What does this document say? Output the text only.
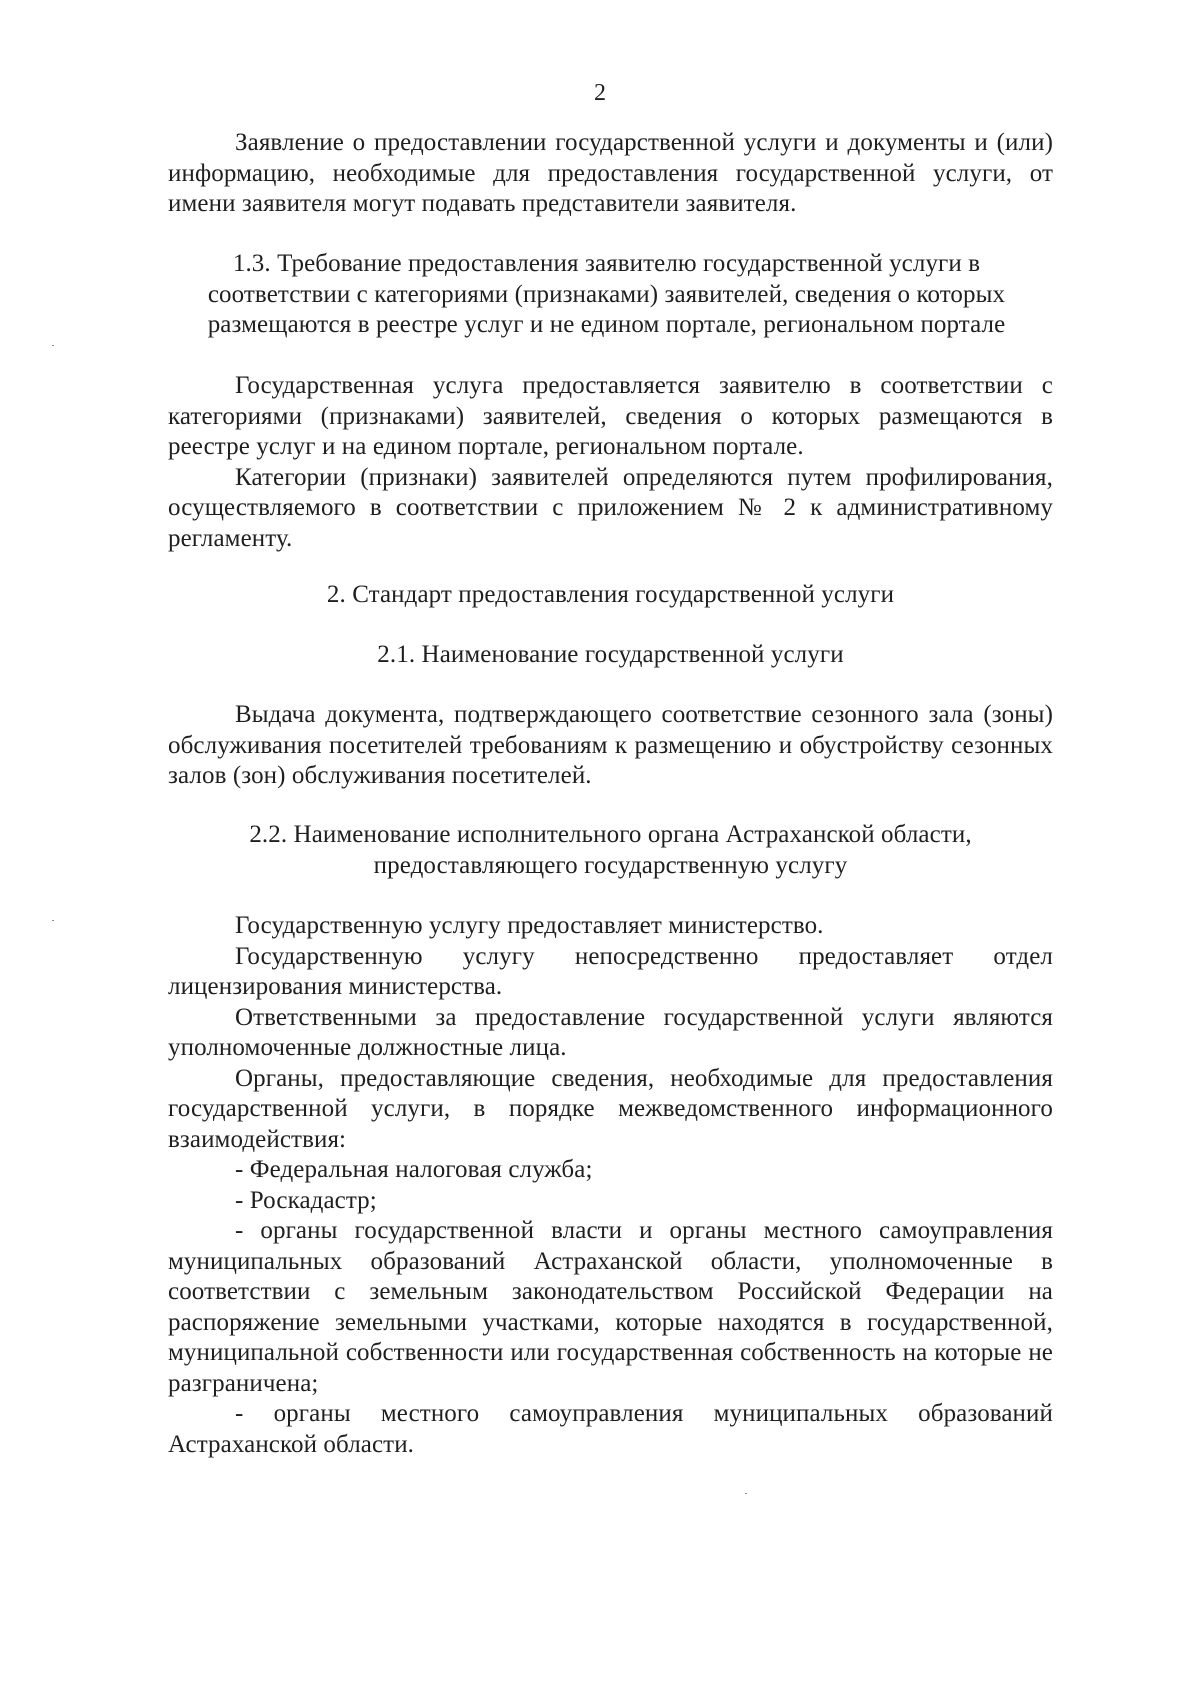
2

Заявление о предоставлении государственной услуги и документы и (или) информацию, необходимые для предоставления государственной услуги, от имени заявителя могут подавать представители заявителя.

1.3. Требование предоставления заявителю государственной услуги в соответствии с категориями (признаками) заявителей, сведения о которых размещаются в реестре услуг и не едином портале, региональном портале

Государственная услуга предоставляется заявителю в соответствии с категориями (признаками) заявителей, сведения о которых размещаются в реестре услуг и на едином портале, региональном портале.

Категории (признаки) заявителей определяются путем профилирования, осуществляемого в соответствии с приложением № 2 к административному регламенту.

2. Стандарт предоставления государственной услуги

2.1. Наименование государственной услуги

Выдача документа, подтверждающего соответствие сезонного зала (зоны) обслуживания посетителей требованиям к размещению и обустройству сезонных залов (зон) обслуживания посетителей.

2.2. Наименование исполнительного органа Астраханской области,

предоставляющего государственную услугу

Государственную услугу предоставляет министерство.

Государственную услугу непосредственно предоставляет отдел лицензирования министерства.

Ответственными за предоставление государственной услуги являются уполномоченные должностные лица.

Органы, предоставляющие сведения, необходимые для предоставления государственной услуги, в порядке межведомственного информационного взаимодействия:

- Федеральная налоговая служба;

- Роскадастр;

- органы государственной власти и органы местного самоуправления муниципальных образований Астраханской области, уполномоченные в соответствии с земельным законодательством Российской Федерации на распоряжение земельными участками, которые находятся в государственной, муниципальной собственности или государственная собственность на которые не разграничена;

- органы местного самоуправления муниципальных образований Астраханской области.
